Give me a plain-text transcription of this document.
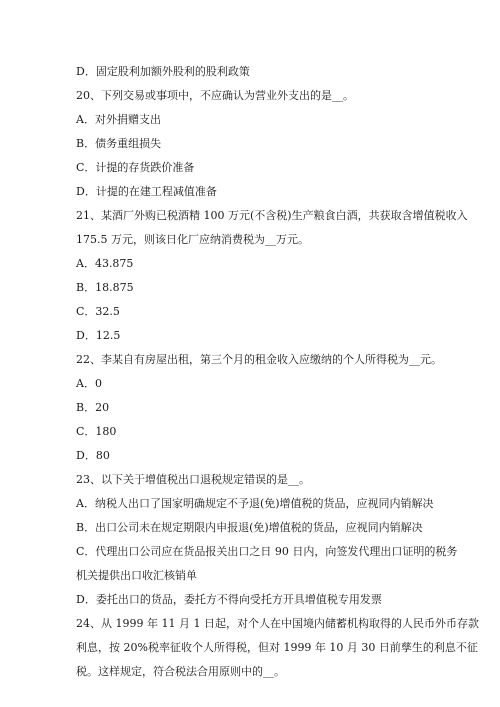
D．固定股利加额外股利的股利政策
20、下列交易或事项中，不应确认为营业外支出的是__。
A．对外捐赠支出
B．债务重组损失
C．计提的存货跌价准备
D．计提的在建工程减值准备
21、某酒厂外购已税酒精 100 万元(不含税)生产粮食白酒，共获取含增值税收入
175.5 万元，则该日化厂应纳消费税为__万元。
A．43.875
B．18.875
C．32.5
D．12.5
22、李某自有房屋出租，第三个月的租金收入应缴纳的个人所得税为__元。
A．0
B．20
C．180
D．80
23、以下关于增值税出口退税规定错误的是__。
A．纳税人出口了国家明确规定不予退(免)增值税的货品，应视同内销解决
B．出口公司未在规定期限内申报退(免)增值税的货品，应视同内销解决
C．代理出口公司应在货品报关出口之日 90 日内，向签发代理出口证明的税务
机关提供出口收汇核销单
D．委托出口的货品，委托方不得向受托方开具增值税专用发票
24、从 1999 年 11 月 1 日起，对个人在中国境内储蓄机构取得的人民币外币存款
利息，按 20%税率征收个人所得税，但对 1999 年 10 月 30 日前孳生的利息不征
税。这样规定，符合税法合用原则中的__。
